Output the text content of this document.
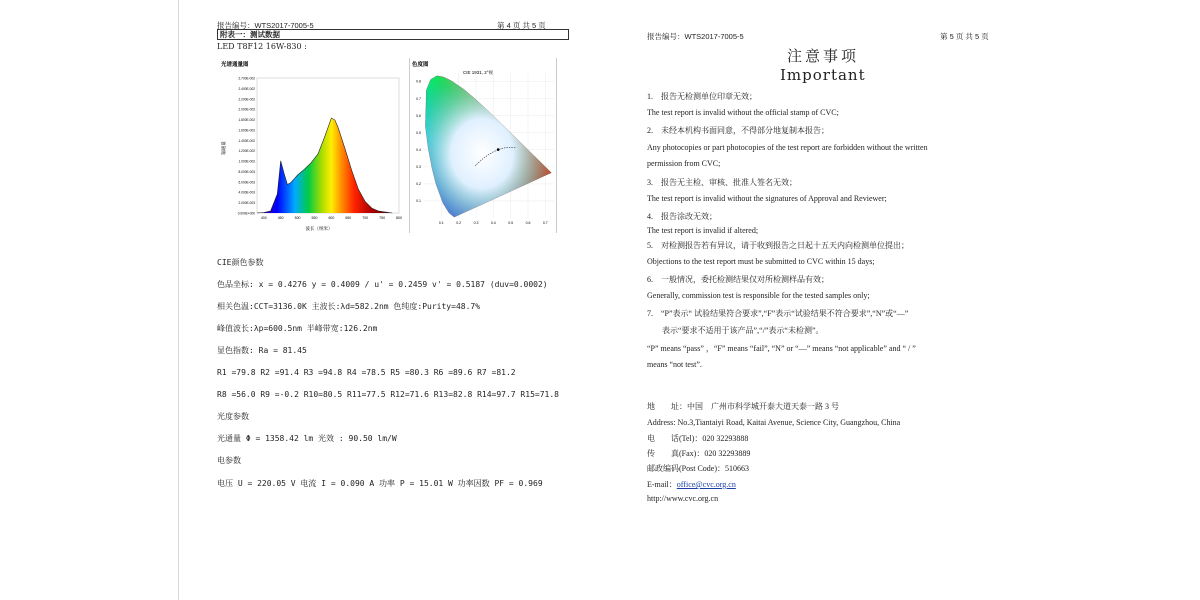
报告编号：WTS2017-7005-5	第 4 页 共 5 页
附表一：测试数据
LED T8F12 16W-830 :
光谱通量图
0.000E+000
2.000E-003
4.000E-003
6.000E-003
8.000E-003
1.000E-002
1.200E-002
1.400E-002
1.600E-002
1.800E-002
2.000E-002
2.200E-002
2.400E-002
2.700E-002
400	450	500	550	600	650	700	750	800
波长（纳米）
辐通量
色度图
CIE 1931, 2°视
0.1	0.2	0.3	0.4	0.5	0.6	0.7
0.1
0.2
0.3
0.4
0.5
0.6
0.7
0.8
CIE颜色参数
色品坐标: x = 0.4276 y = 0.4009 / u' = 0.2459 v' = 0.5187 (duv=0.0002)
相关色温:CCT=3136.0K 主波长:λd=582.2nm 色纯度:Purity=48.7%
峰值波长:λp=600.5nm 半峰带宽:126.2nm
显色指数: Ra = 81.45
R1 =79.8 R2 =91.4 R3 =94.8 R4 =78.5 R5 =80.3 R6 =89.6 R7 =81.2
R8 =56.0 R9 =-0.2 R10=80.5 R11=77.5 R12=71.6 R13=82.8 R14=97.7 R15=71.8
光度参数
光通量 Φ = 1358.42 lm 光效 : 90.50 lm/W
电参数
电压 U = 220.05 V 电流 I = 0.090 A 功率 P = 15.01 W 功率因数 PF = 0.969
报告编号：WTS2017-7005-5	第 5 页 共 5 页
注意事项
Important
1.　报告无检测单位印章无效；
The test report is invalid without the official stamp of CVC;
2.　未经本机构书面同意，不得部分地复制本报告；
Any photocopies or part photocopies of the test report are forbidden without the written
permission from CVC;
3.　报告无主检、审核、批准人签名无效；
The test report is invalid without the signatures of Approval and Reviewer;
4.　报告涂改无效；
The test report is invalid if altered;
5.　对检测报告若有异议，请于收到报告之日起十五天内向检测单位提出；
Objections to the test report must be submitted to CVC within 15 days;
6.　一般情况，委托检测结果仅对所检测样品有效；
Generally, commission test is responsible for the tested samples only;
7.　“P”表示“ 试验结果符合要求”,“F”表示“试验结果不符合要求”,“N”或“—”
表示“要求不适用于该产品”,“/”表示“未检测”。
“P” means “pass” ，“F” means “fail”, “N” or “—” means “not applicable” and “ / ”
means “not test”.
地　　址：中国　广州市科学城开泰大道天泰一路 3 号
Address: No.3,Tiantaiyi Road, Kaitai Avenue, Science City, Guangzhou, China
电　　话(Tel)：020 32293888
传　　真(Fax)：020 32293889
邮政编码(Post Code)：510663
E-mail：office@cvc.org.cn
http://www.cvc.org.cn
